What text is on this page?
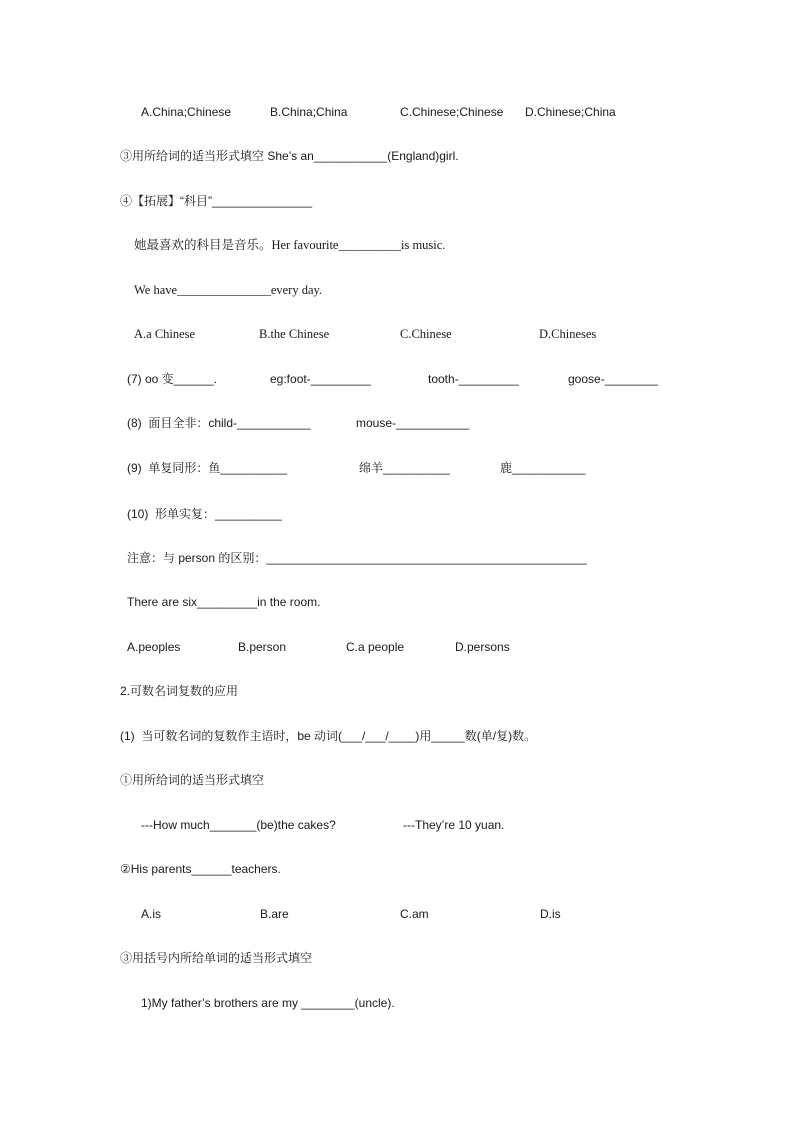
A.China;Chinese	B.China;China	C.Chinese;Chinese D.Chinese;China
③用所给词的适当形式填空 She’s an___________(England)girl.
④【拓展】“科目”_______________
她最喜欢的科目是音乐。Her favourite__________is music.
We have_______________every day.
A.a Chinese	B.the Chinese	C.Chinese	D.Chineses
(7) oo 变______.	eg:foot-_________	tooth-_________	goose-________
(8)  面目全非：child-___________	mouse-___________
(9)  单复同形：鱼__________	绵羊__________	鹿___________
(10)  形单实复：__________
注意：与 person 的区别：________________________________________________
There are six_________in the room.
A.peoples	B.person	C.a people	D.persons
2.可数名词复数的应用
(1)  当可数名词的复数作主语时，be 动词(___/___/____)用_____数(单/复)数。
①用所给词的适当形式填空
---How much_______(be)the cakes?	---They’re 10 yuan.
②His parents______teachers.
A.is	B.are	C.am	D.is
③用括号内所给单词的适当形式填空
1)My father’s brothers are my ________(uncle).
